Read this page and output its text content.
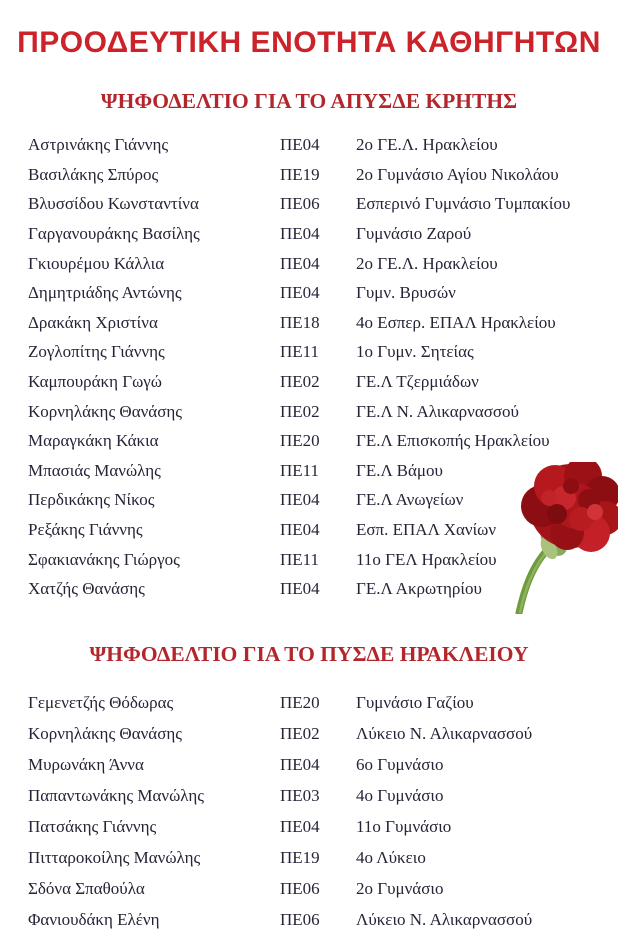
ΠΡΟΟΔΕΥΤΙΚΗ ΕΝΟΤΗΤΑ ΚΑΘΗΓΗΤΩΝ
ΨΗΦΟΔΕΛΤΙΟ ΓΙΑ ΤΟ ΑΠΥΣΔΕ ΚΡΗΤΗΣ
Αστρινάκης Γιάννης	ΠΕ04	2ο ΓΕ.Λ. Ηρακλείου
Βασιλάκης Σπύρος	ΠΕ19	2ο Γυμνάσιο Αγίου Νικολάου
Βλυσσίδου Κωνσταντίνα	ΠΕ06	Εσπερινό Γυμνάσιο Τυμπακίου
Γαργανουράκης Βασίλης	ΠΕ04	Γυμνάσιο Ζαρού
Γκιουρέμου Κάλλια	ΠΕ04	2ο ΓΕ.Λ. Ηρακλείου
Δημητριάδης Αντώνης	ΠΕ04	Γυμν. Βρυσών
Δρακάκη Χριστίνα	ΠΕ18	4ο Εσπερ. ΕΠΑΛ Ηρακλείου
Ζογλοπίτης Γιάννης	ΠΕ11	1ο Γυμν. Σητείας
Καμπουράκη Γωγώ	ΠΕ02	ΓΕ.Λ Τζερμιάδων
Κορνηλάκης Θανάσης	ΠΕ02	ΓΕ.Λ Ν. Αλικαρνασσού
Μαραγκάκη Κάκια	ΠΕ20	ΓΕ.Λ Επισκοπής Ηρακλείου
Μπασιάς Μανώλης	ΠΕ11	ΓΕ.Λ Βάμου
Περδικάκης Νίκος	ΠΕ04	ΓΕ.Λ Ανωγείων
Ρεξάκης Γιάννης	ΠΕ04	Εσπ. ΕΠΑΛ Χανίων
Σφακιανάκης Γιώργος	ΠΕ11	11ο ΓΕΛ Ηρακλείου
Χατζής Θανάσης	ΠΕ04	ΓΕ.Λ Ακρωτηρίου
ΨΗΦΟΔΕΛΤΙΟ ΓΙΑ ΤΟ ΠΥΣΔΕ ΗΡΑΚΛΕΙΟΥ
Γεμενετζής Θόδωρας	ΠΕ20	Γυμνάσιο Γαζίου
Κορνηλάκης Θανάσης	ΠΕ02	Λύκειο Ν. Αλικαρνασσού
Μυρωνάκη Άννα	ΠΕ04	6ο Γυμνάσιο
Παπαντωνάκης Μανώλης	ΠΕ03	4ο Γυμνάσιο
Πατσάκης Γιάννης	ΠΕ04	11ο Γυμνάσιο
Πιτταροκοίλης Μανώλης	ΠΕ19	4ο Λύκειο
Σδόνα Σπαθούλα	ΠΕ06	2ο Γυμνάσιο
Φανιουδάκη Ελένη	ΠΕ06	Λύκειο Ν. Αλικαρνασσού
